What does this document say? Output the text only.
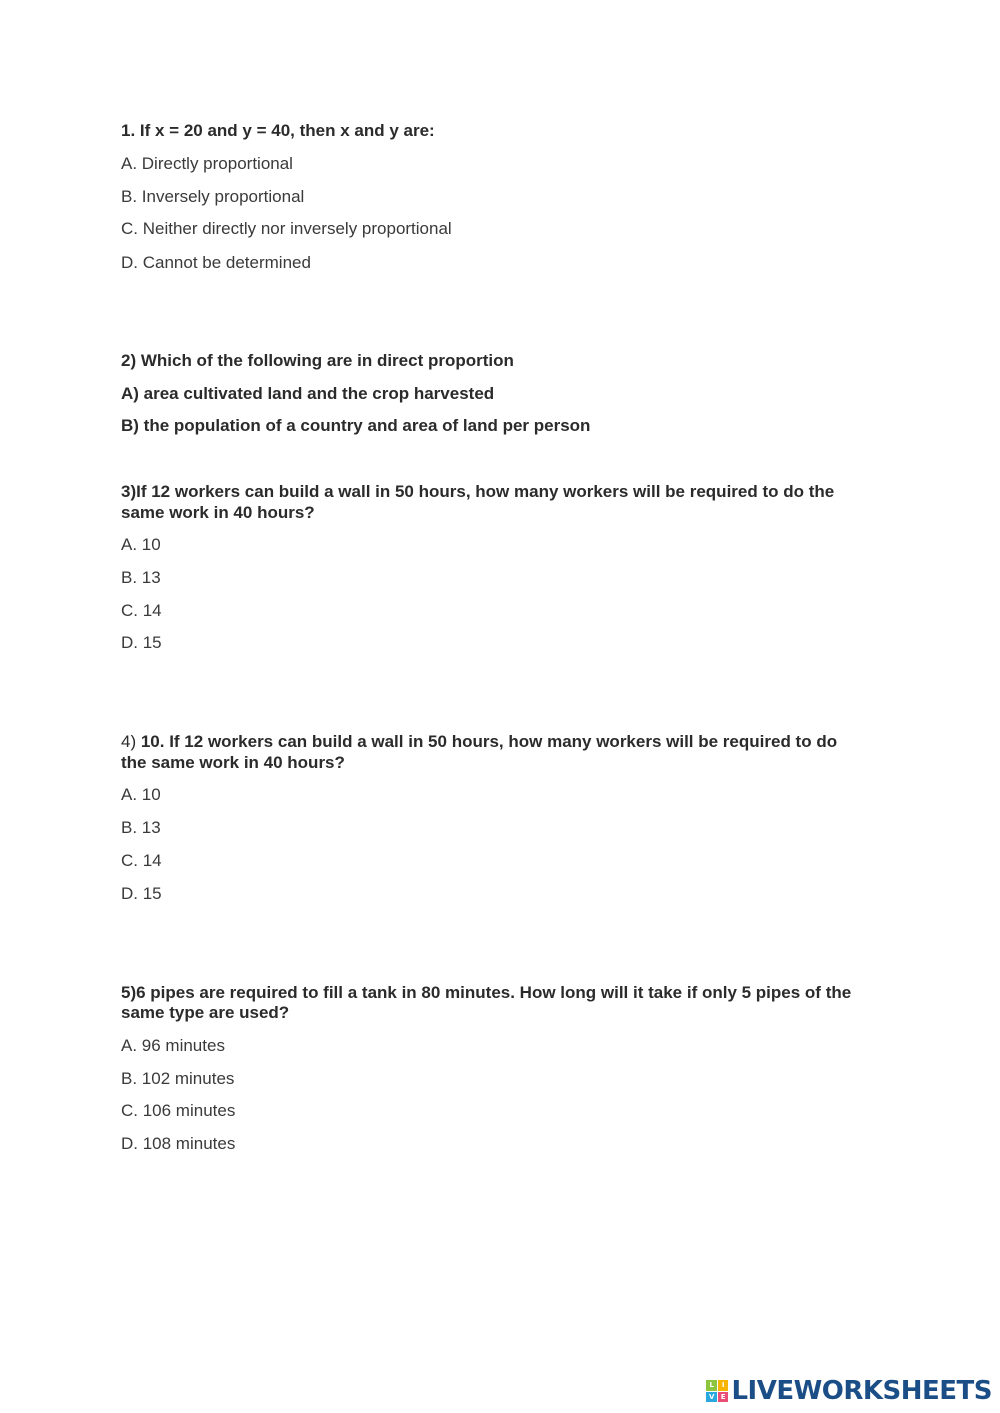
1. If x = 20 and y = 40, then x and y are:
A. Directly proportional
B. Inversely proportional
C. Neither directly nor inversely proportional
D. Cannot be determined
2) Which of the following are in direct proportion
A) area cultivated land and the crop harvested
B) the population of a country and area of land per person
3)If 12 workers can build a wall in 50 hours, how many workers will be required to do the
same work in 40 hours?
A. 10
B. 13
C. 14
D. 15
4) 10. If 12 workers can build a wall in 50 hours, how many workers will be required to do
the same work in 40 hours?
A. 10
B. 13
C. 14
D. 15
5)6 pipes are required to fill a tank in 80 minutes. How long will it take if only 5 pipes of the
same type are used?
A. 96 minutes
B. 102 minutes
C. 106 minutes
D. 108 minutes
L	I
V E LIVEWORKSHEETS
